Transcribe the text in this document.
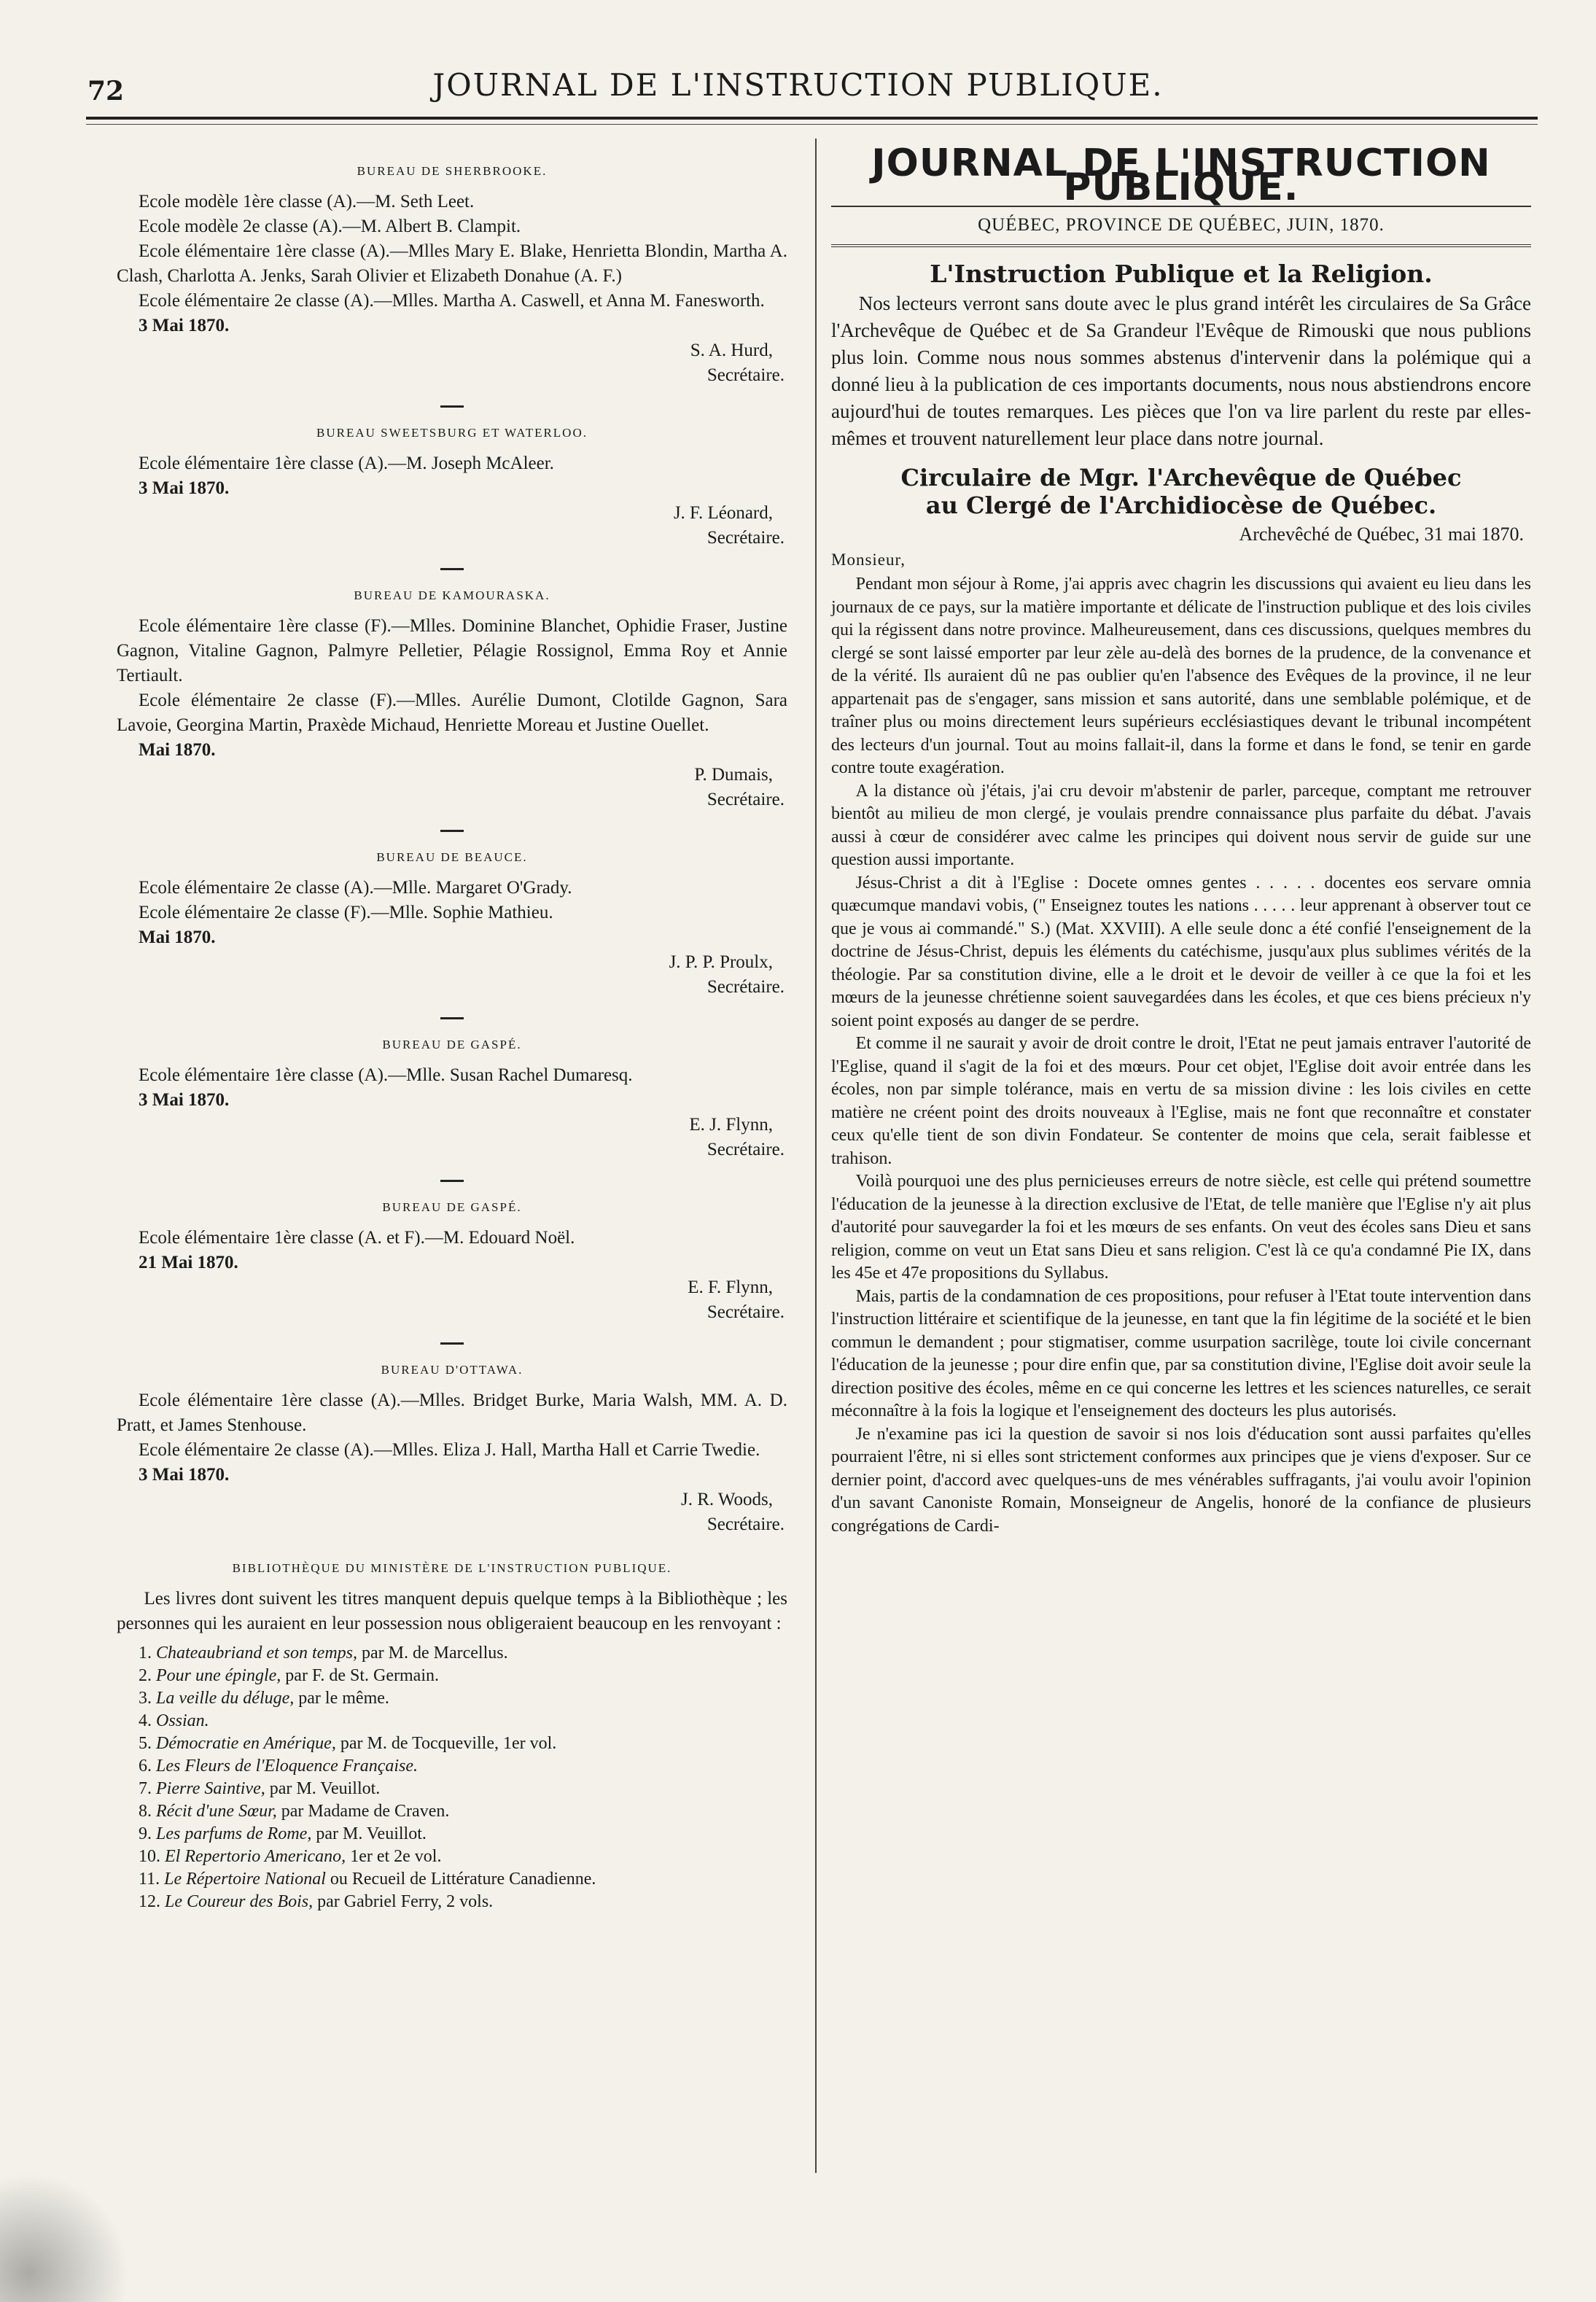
72	JOURNAL DE L'INSTRUCTION PUBLIQUE.
BUREAU DE SHERBROOKE.

Ecole modèle 1ère classe (A).—M. Seth Leet.

Ecole modèle 2e classe (A).—M. Albert B. Clampit.

Ecole élémentaire 1ère classe (A).—Mlles Mary E. Blake, Henrietta Blondin, Martha A. Clash, Charlotta A. Jenks, Sarah Olivier et Elizabeth Donahue (A. F.)

Ecole élémentaire 2e classe (A).—Mlles. Martha A. Caswell, et Anna M. Fanesworth.

3 Mai 1870.

S. A. Hurd,

Secrétaire.

BUREAU SWEETSBURG ET WATERLOO.

Ecole élémentaire 1ère classe (A).—M. Joseph McAleer.

3 Mai 1870.

J. F. Léonard,

Secrétaire.

BUREAU DE KAMOURASKA.

Ecole élémentaire 1ère classe (F).—Mlles. Dominine Blanchet, Ophidie Fraser, Justine Gagnon, Vitaline Gagnon, Palmyre Pelletier, Pélagie Rossignol, Emma Roy et Annie Tertiault.

Ecole élémentaire 2e classe (F).—Mlles. Aurélie Dumont, Clotilde Gagnon, Sara Lavoie, Georgina Martin, Praxède Michaud, Henriette Moreau et Justine Ouellet.

Mai 1870.

P. Dumais,

Secrétaire.

BUREAU DE BEAUCE.

Ecole élémentaire 2e classe (A).—Mlle. Margaret O'Grady.

Ecole élémentaire 2e classe (F).—Mlle. Sophie Mathieu.

Mai 1870.

J. P. P. Proulx,

Secrétaire.

BUREAU DE GASPÉ.

Ecole élémentaire 1ère classe (A).—Mlle. Susan Rachel Dumaresq.

3 Mai 1870.

E. J. Flynn,

Secrétaire.

BUREAU DE GASPÉ.

Ecole élémentaire 1ère classe (A. et F).—M. Edouard Noël.

21 Mai 1870.

E. F. Flynn,

Secrétaire.

BUREAU D'OTTAWA.

Ecole élémentaire 1ère classe (A).—Mlles. Bridget Burke, Maria Walsh, MM. A. D. Pratt, et James Stenhouse.

Ecole élémentaire 2e classe (A).—Mlles. Eliza J. Hall, Martha Hall et Carrie Twedie.

3 Mai 1870.

J. R. Woods,

Secrétaire.

BIBLIOTHÈQUE DU MINISTÈRE DE L'INSTRUCTION PUBLIQUE.

Les livres dont suivent les titres manquent depuis quelque temps à la Bibliothèque ; les personnes qui les auraient en leur possession nous obligeraient beaucoup en les renvoyant :

1. Chateaubriand et son temps, par M. de Marcellus.
2. Pour une épingle, par F. de St. Germain.
3. La veille du déluge, par le même.
4. Ossian.
5. Démocratie en Amérique, par M. de Tocqueville, 1er vol.
6. Les Fleurs de l'Eloquence Française.
7. Pierre Saintive, par M. Veuillot.
8. Récit d'une Sœur, par Madame de Craven.
9. Les parfums de Rome, par M. Veuillot.
10. El Repertorio Americano, 1er et 2e vol.
11. Le Répertoire National ou Recueil de Littérature Canadienne.
12. Le Coureur des Bois, par Gabriel Ferry, 2 vols.
JOURNAL DE L'INSTRUCTION PUBLIQUE.
QUÉBEC, PROVINCE DE QUÉBEC, JUIN, 1870.
L'Instruction Publique et la Religion.

Nos lecteurs verront sans doute avec le plus grand intérêt les circulaires de Sa Grâce l'Archevêque de Québec et de Sa Grandeur l'Evêque de Rimouski que nous publions plus loin. Comme nous nous sommes abstenus d'intervenir dans la polémique qui a donné lieu à la publication de ces importants documents, nous nous abstiendrons encore aujourd'hui de toutes remarques. Les pièces que l'on va lire parlent du reste par elles-mêmes et trouvent naturellement leur place dans notre journal.

Circulaire de Mgr. l'Archevêque de Québec
au Clergé de l'Archidiocèse de Québec.

Archevêché de Québec, 31 mai 1870.

Monsieur,

Pendant mon séjour à Rome, j'ai appris avec chagrin les discussions qui avaient eu lieu dans les journaux de ce pays, sur la matière importante et délicate de l'instruction publique et des lois civiles qui la régissent dans notre province. Malheureusement, dans ces discussions, quelques membres du clergé se sont laissé emporter par leur zèle au-delà des bornes de la prudence, de la convenance et de la vérité. Ils auraient dû ne pas oublier qu'en l'absence des Evêques de la province, il ne leur appartenait pas de s'engager, sans mission et sans autorité, dans une semblable polémique, et de traîner plus ou moins directement leurs supérieurs ecclésiastiques devant le tribunal incompétent des lecteurs d'un journal. Tout au moins fallait-il, dans la forme et dans le fond, se tenir en garde contre toute exagération.

A la distance où j'étais, j'ai cru devoir m'abstenir de parler, parceque, comptant me retrouver bientôt au milieu de mon clergé, je voulais prendre connaissance plus parfaite du débat. J'avais aussi à cœur de considérer avec calme les principes qui doivent nous servir de guide sur une question aussi importante.

Jésus-Christ a dit à l'Eglise : Docete omnes gentes . . . . . docentes eos servare omnia quæcumque mandavi vobis, (" Enseignez toutes les nations . . . . . leur apprenant à observer tout ce que je vous ai commandé." S.) (Mat. XXVIII). A elle seule donc a été confié l'enseignement de la doctrine de Jésus-Christ, depuis les éléments du catéchisme, jusqu'aux plus sublimes vérités de la théologie. Par sa constitution divine, elle a le droit et le devoir de veiller à ce que la foi et les mœurs de la jeunesse chrétienne soient sauvegardées dans les écoles, et que ces biens précieux n'y soient point exposés au danger de se perdre.

Et comme il ne saurait y avoir de droit contre le droit, l'Etat ne peut jamais entraver l'autorité de l'Eglise, quand il s'agit de la foi et des mœurs. Pour cet objet, l'Eglise doit avoir entrée dans les écoles, non par simple tolérance, mais en vertu de sa mission divine : les lois civiles en cette matière ne créent point des droits nouveaux à l'Eglise, mais ne font que reconnaître et constater ceux qu'elle tient de son divin Fondateur. Se contenter de moins que cela, serait faiblesse et trahison.

Voilà pourquoi une des plus pernicieuses erreurs de notre siècle, est celle qui prétend soumettre l'éducation de la jeunesse à la direction exclusive de l'Etat, de telle manière que l'Eglise n'y ait plus d'autorité pour sauvegarder la foi et les mœurs de ses enfants. On veut des écoles sans Dieu et sans religion, comme on veut un Etat sans Dieu et sans religion. C'est là ce qu'a condamné Pie IX, dans les 45e et 47e propositions du Syllabus.

Mais, partis de la condamnation de ces propositions, pour refuser à l'Etat toute intervention dans l'instruction littéraire et scientifique de la jeunesse, en tant que la fin légitime de la société et le bien commun le demandent ; pour stigmatiser, comme usurpation sacrilège, toute loi civile concernant l'éducation de la jeunesse ; pour dire enfin que, par sa constitution divine, l'Eglise doit avoir seule la direction positive des écoles, même en ce qui concerne les lettres et les sciences naturelles, ce serait méconnaître à la fois la logique et l'enseignement des docteurs les plus autorisés.

Je n'examine pas ici la question de savoir si nos lois d'éducation sont aussi parfaites qu'elles pourraient l'être, ni si elles sont strictement conformes aux principes que je viens d'exposer. Sur ce dernier point, d'accord avec quelques-uns de mes vénérables suffragants, j'ai voulu avoir l'opinion d'un savant Canoniste Romain, Monseigneur de Angelis, honoré de la confiance de plusieurs congrégations de Cardi-
